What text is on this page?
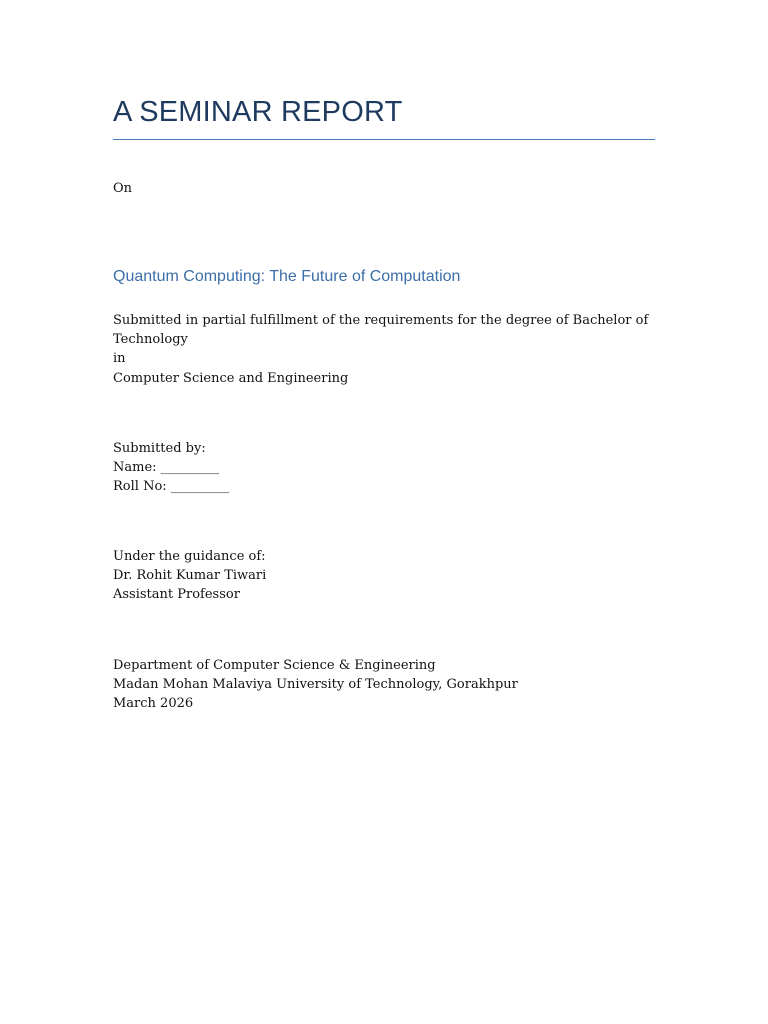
A SEMINAR REPORT
On
Quantum Computing: The Future of Computation
Submitted in partial fulfillment of the requirements for the degree of Bachelor of
Technology
in
Computer Science and Engineering
Submitted by:
Name: _________
Roll No: _________
Under the guidance of:
Dr. Rohit Kumar Tiwari
Assistant Professor
Department of Computer Science & Engineering
Madan Mohan Malaviya University of Technology, Gorakhpur
March 2026
